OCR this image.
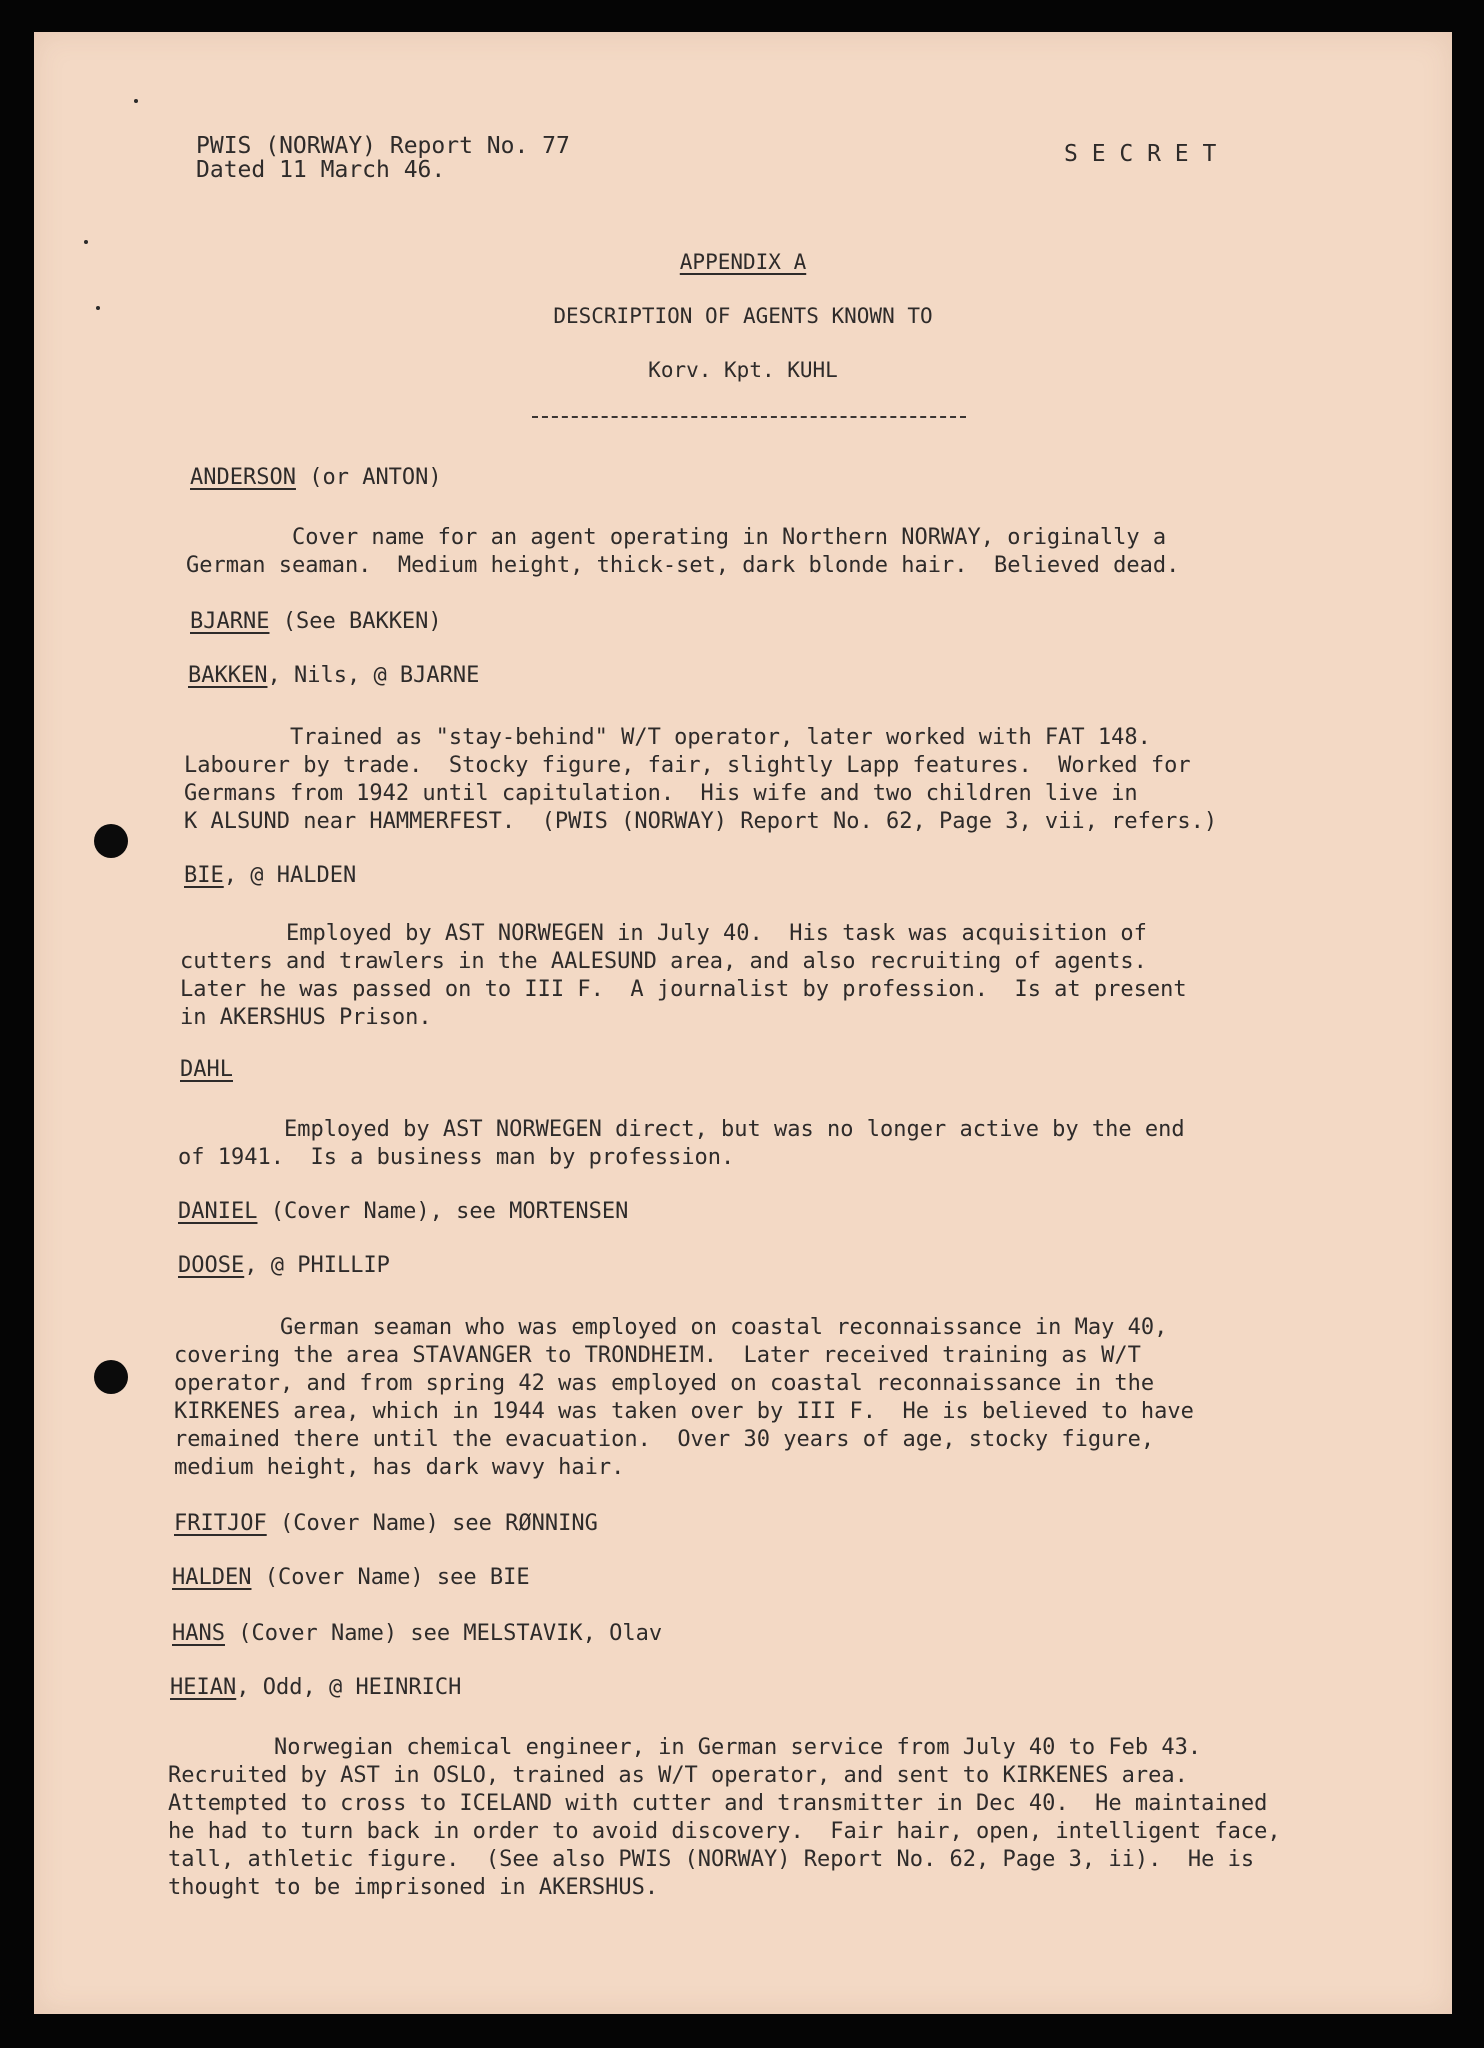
PWIS (NORWAY) Report No. 77
Dated 11 March 46.
S E C R E T
APPENDIX A
DESCRIPTION OF AGENTS KNOWN TO
Korv. Kpt. KUHL
ANDERSON (or ANTON)
Cover name for an agent operating in Northern NORWAY, originally a
German seaman.  Medium height, thick-set, dark blonde hair.  Believed dead.
BJARNE (See BAKKEN)
BAKKEN, Nils, @ BJARNE
Trained as "stay-behind" W/T operator, later worked with FAT 148.
Labourer by trade.  Stocky figure, fair, slightly Lapp features.  Worked for
Germans from 1942 until capitulation.  His wife and two children live in
K ALSUND near HAMMERFEST.  (PWIS (NORWAY) Report No. 62, Page 3, vii, refers.)
BIE, @ HALDEN
Employed by AST NORWEGEN in July 40.  His task was acquisition of
cutters and trawlers in the AALESUND area, and also recruiting of agents.
Later he was passed on to III F.  A journalist by profession.  Is at present
in AKERSHUS Prison.
DAHL
Employed by AST NORWEGEN direct, but was no longer active by the end
of 1941.  Is a business man by profession.
DANIEL (Cover Name), see MORTENSEN
DOOSE, @ PHILLIP
German seaman who was employed on coastal reconnaissance in May 40,
covering the area STAVANGER to TRONDHEIM.  Later received training as W/T
operator, and from spring 42 was employed on coastal reconnaissance in the
KIRKENES area, which in 1944 was taken over by III F.  He is believed to have
remained there until the evacuation.  Over 30 years of age, stocky figure,
medium height, has dark wavy hair.
FRITJOF (Cover Name) see RØNNING
HALDEN (Cover Name) see BIE
HANS (Cover Name) see MELSTAVIK, Olav
HEIAN, Odd, @ HEINRICH
Norwegian chemical engineer, in German service from July 40 to Feb 43.
Recruited by AST in OSLO, trained as W/T operator, and sent to KIRKENES area.
Attempted to cross to ICELAND with cutter and transmitter in Dec 40.  He maintained
he had to turn back in order to avoid discovery.  Fair hair, open, intelligent face,
tall, athletic figure.  (See also PWIS (NORWAY) Report No. 62, Page 3, ii).  He is
thought to be imprisoned in AKERSHUS.
